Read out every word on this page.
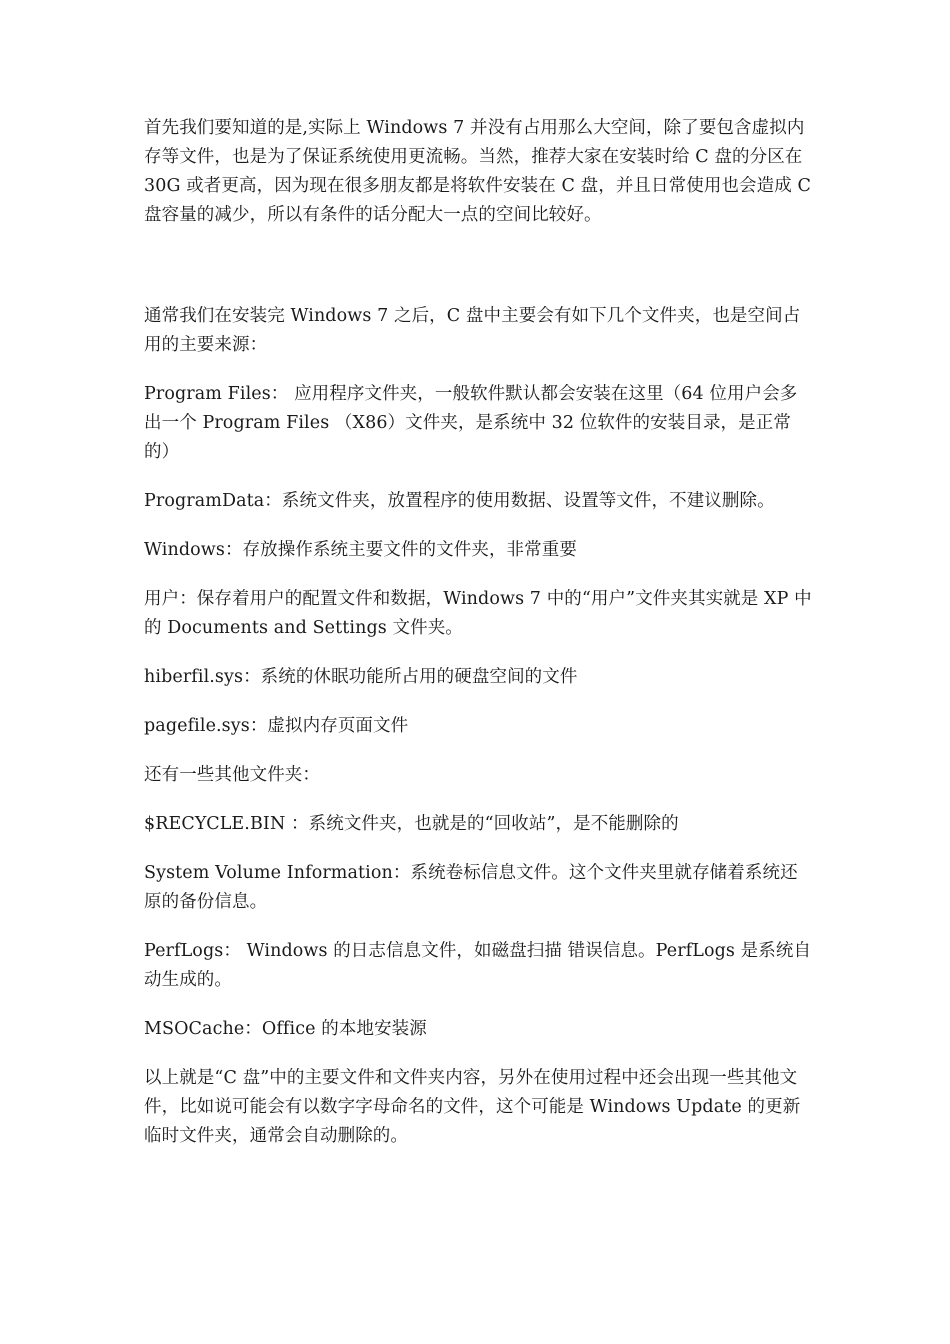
首先我们要知道的是,实际上 Windows 7 并没有占用那么大空间，除了要包含虚拟内存等文件，也是为了保证系统使用更流畅。当然，推荐大家在安装时给 C 盘的分区在 30G 或者更高，因为现在很多朋友都是将软件安装在 C 盘，并且日常使用也会造成 C 盘容量的减少，所以有条件的话分配大一点的空间比较好。

通常我们在安装完 Windows 7 之后，C 盘中主要会有如下几个文件夹，也是空间占用的主要来源：

Program Files： 应用程序文件夹，一般软件默认都会安装在这里（64 位用户会多出一个 Program Files （X86）文件夹，是系统中 32 位软件的安装目录，是正常的）

ProgramData：系统文件夹，放置程序的使用数据、设置等文件，不建议删除。

Windows：存放操作系统主要文件的文件夹，非常重要

用户：保存着用户的配置文件和数据，Windows 7 中的“用户”文件夹其实就是 XP 中的 Documents and Settings 文件夹。

hiberfil.sys：系统的休眠功能所占用的硬盘空间的文件

pagefile.sys：虚拟内存页面文件

还有一些其他文件夹：

$RECYCLE.BIN ：系统文件夹，也就是的“回收站”，是不能删除的

System Volume Information：系统卷标信息文件。这个文件夹里就存储着系统还原的备份信息。

PerfLogs： Windows 的日志信息文件，如磁盘扫描 错误信息。PerfLogs 是系统自动生成的。

MSOCache：Office 的本地安装源

以上就是“C 盘”中的主要文件和文件夹内容，另外在使用过程中还会出现一些其他文件，比如说可能会有以数字字母命名的文件，这个可能是 Windows Update 的更新临时文件夹，通常会自动删除的。
